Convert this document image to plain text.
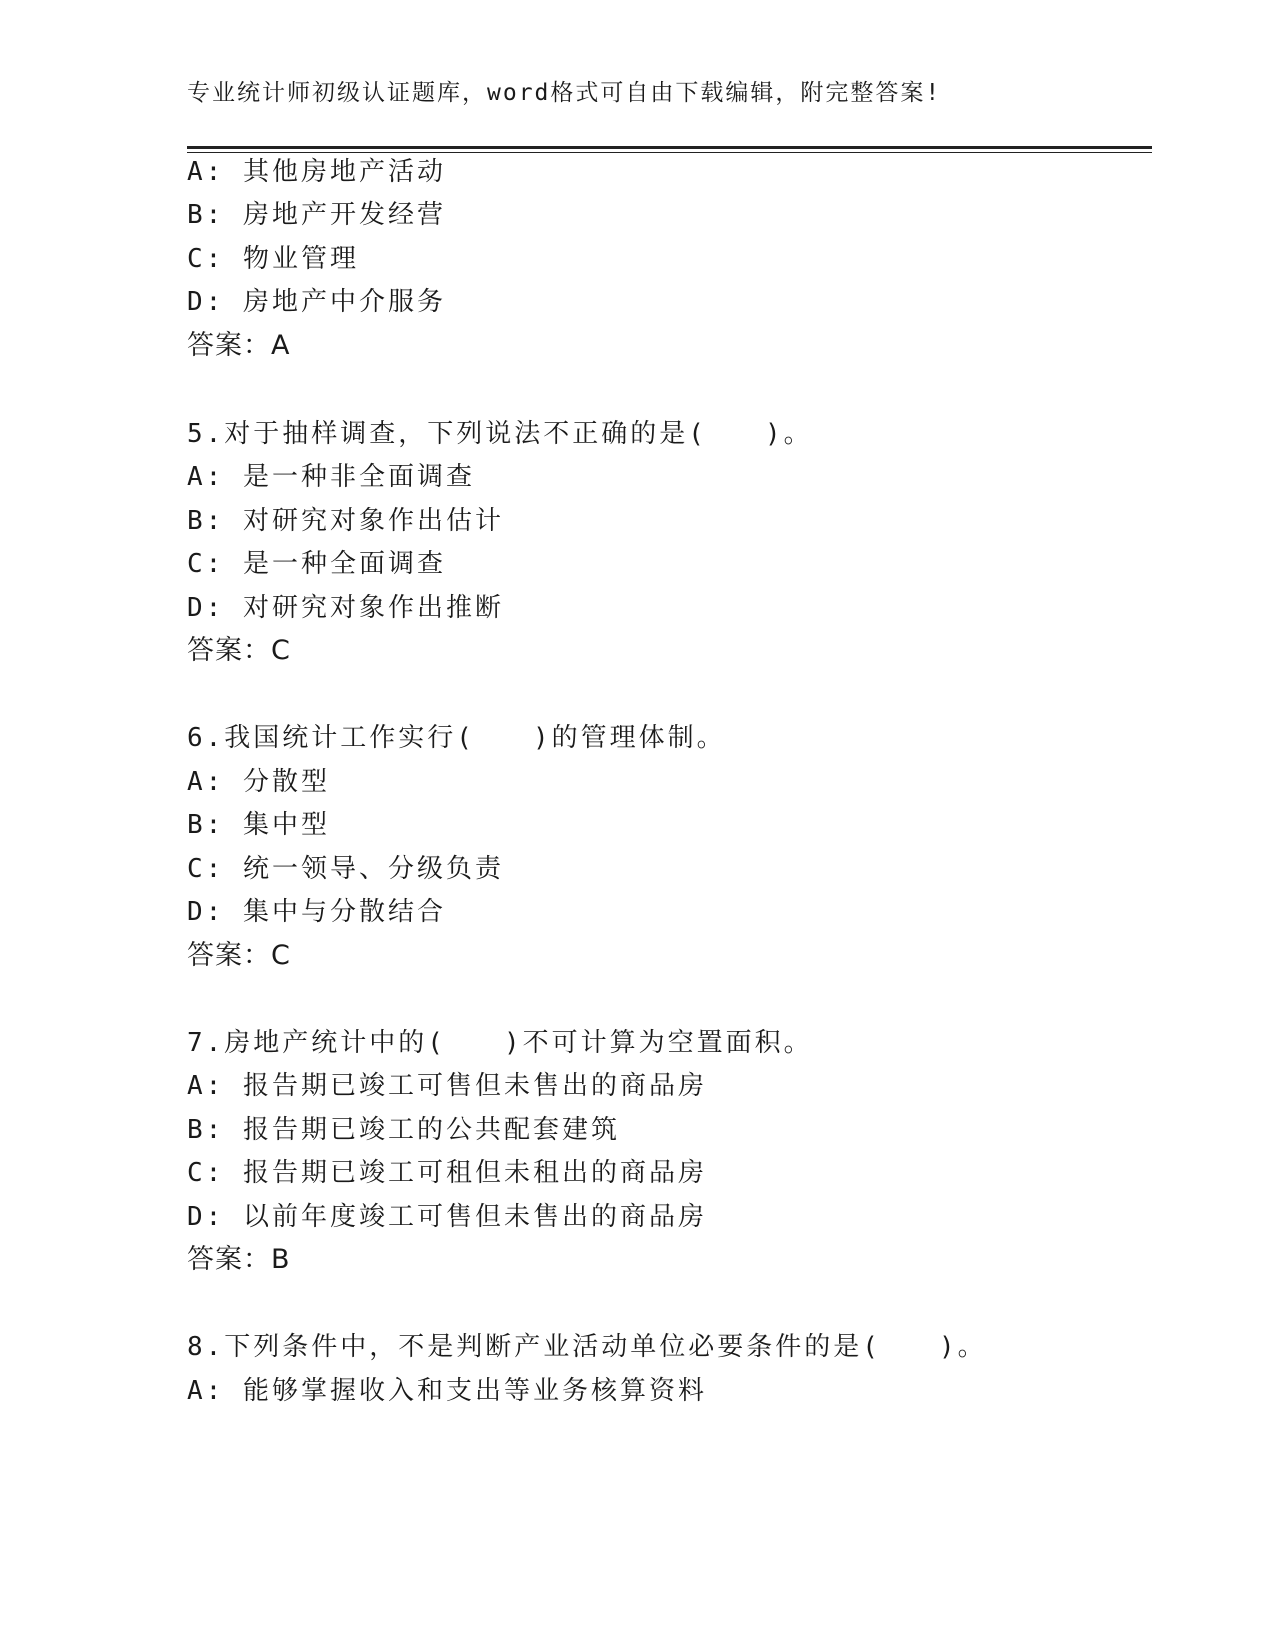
专业统计师初级认证题库，word格式可自由下载编辑，附完整答案!
A: 其他房地产活动
B: 房地产开发经营
C: 物业管理
D: 房地产中介服务
答案：A
5.对于抽样调查，下列说法不正确的是(　　)。
A: 是一种非全面调查
B: 对研究对象作出估计
C: 是一种全面调查
D: 对研究对象作出推断
答案：C
6.我国统计工作实行(　　)的管理体制。
A: 分散型
B: 集中型
C: 统一领导、分级负责
D: 集中与分散结合
答案：C
7.房地产统计中的(　　)不可计算为空置面积。
A: 报告期已竣工可售但未售出的商品房
B: 报告期已竣工的公共配套建筑
C: 报告期已竣工可租但未租出的商品房
D: 以前年度竣工可售但未售出的商品房
答案：B
8.下列条件中，不是判断产业活动单位必要条件的是(　　)。
A: 能够掌握收入和支出等业务核算资料
